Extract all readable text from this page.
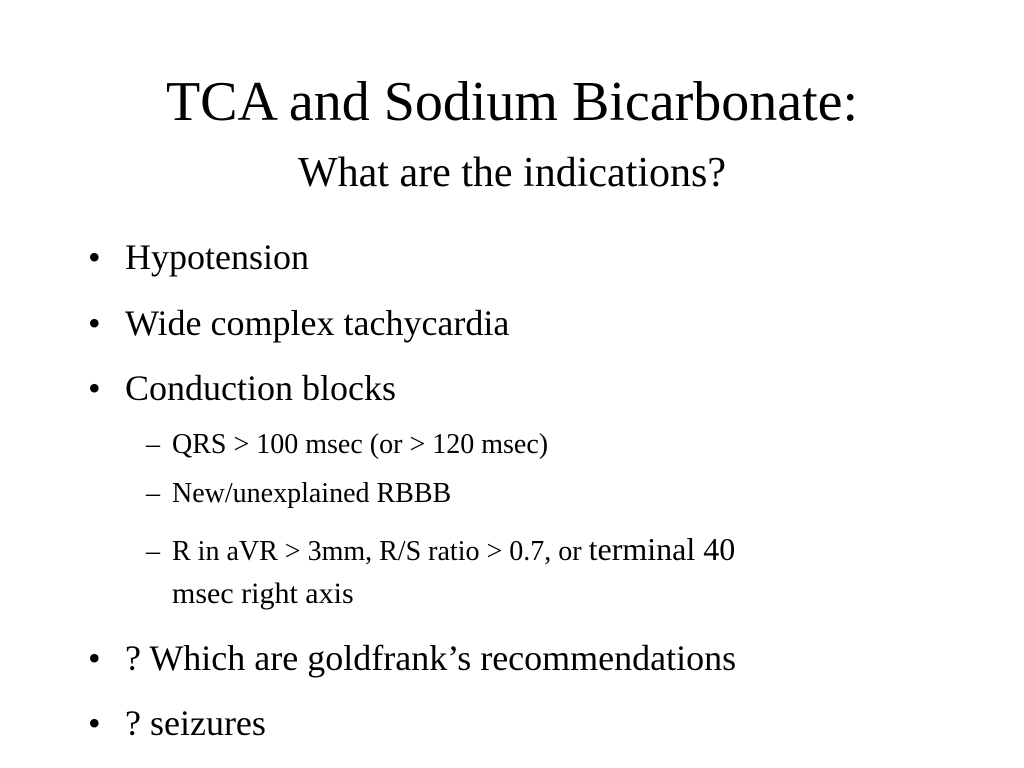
TCA and Sodium Bicarbonate:
What are the indications?
• Hypotension
• Wide complex tachycardia
• Conduction blocks
– QRS > 100 msec (or > 120 msec)
– New/unexplained RBBB
– R in aVR > 3mm, R/S ratio > 0.7, or terminal 40
msec right axis
• ? Which are goldfrank’s recommendations
• ? seizures
